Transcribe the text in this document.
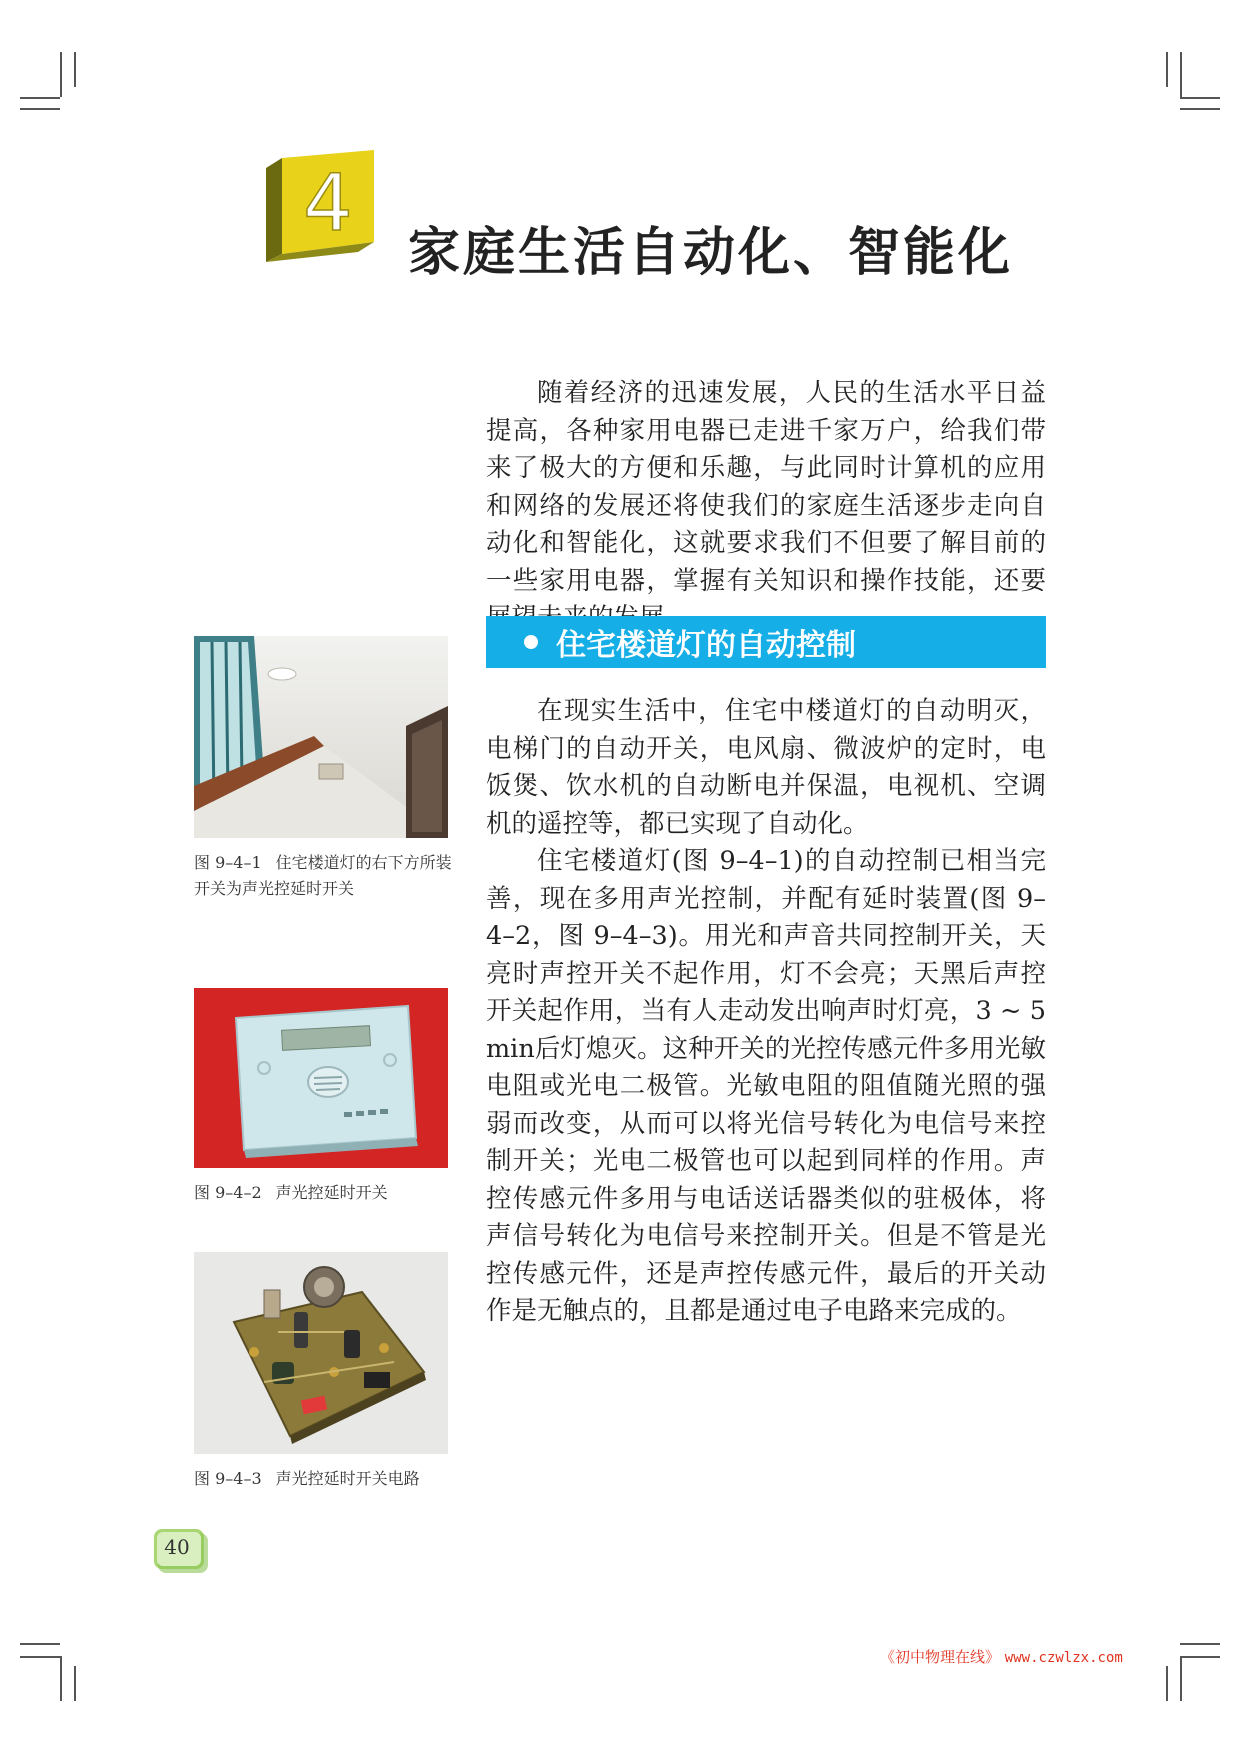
4
家庭生活自动化、智能化

随着经济的迅速发展，人民的生活水平日益提高，各种家用电器已走进千家万户，给我们带来了极大的方便和乐趣，与此同时计算机的应用和网络的发展还将使我们的家庭生活逐步走向自动化和智能化，这就要求我们不但要了解目前的一些家用电器，掌握有关知识和操作技能，还要

住宅楼道灯的自动控制

在现实生活中，住宅中楼道灯的自动明灭，电梯门的自动开关，电风扇、微波炉的定时，电饭煲、饮水机的自动断电并保温，电视机、空调机的遥控等，都已实现了自动化。

住宅楼道灯(图 9–4–1)的自动控制已相当完善，现在多用声光控制，并配有延时装置(图 9–4–2，图 9–4–3)。用光和声音共同控制开关，天亮时声控开关不起作用，灯不会亮；天黑后声控开关起作用，当有人走动发出响声时灯亮，3 ~ 5 min后灯熄灭。这种开关的光控传感元件多用光敏电阻或光电二极管。光敏电阻的阻值随光照的强弱而改变，从而可以将光信号转化为电信号来控制开关；光电二极管也可以起到同样的作用。声控传感元件多用与电话送话器类似的驻极体，将声信号转化为电信号来控制开关。但是不管是光控传感元件，还是声控传感元件，最后的开关动作是无触点的，且都是通过电子电路来完成的。

图 9–4–1 住宅楼道灯的右下方所装开关为声光控延时开关
图 9–4–2 声光控延时开关
图 9–4–3 声光控延时开关电路
40
《初中物理在线》 www.czwlzx.com
